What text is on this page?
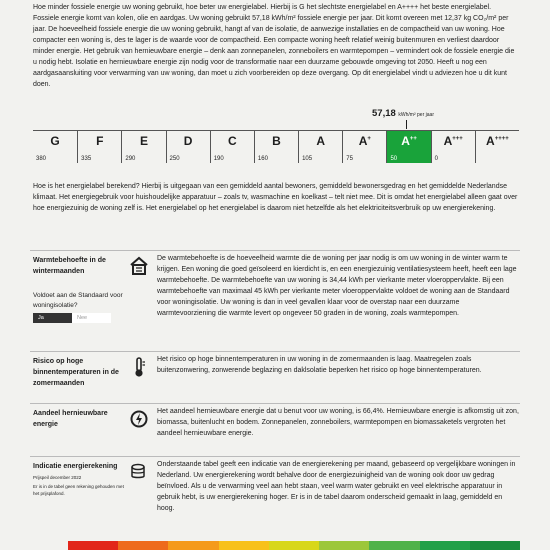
Hoe minder fossiele energie uw woning gebruikt, hoe beter uw energielabel. Hierbij is G het slechtste energielabel en A++++ het beste energielabel. Fossiele energie komt van kolen, olie en aardgas. Uw woning gebruikt 57,18 kWh/m² fossiele energie per jaar. Dit komt overeen met 12,37 kg CO₂/m² per jaar. De hoeveelheid fossiele energie die uw woning gebruikt, hangt af van de isolatie, de aanwezige installaties en de compactheid van uw woning. Hoe compacter een woning is, des te lager is de waarde voor de compactheid. Een compacte woning heeft relatief weinig buitenmuren en verliest daardoor minder energie. Het gebruik van hernieuwbare energie – denk aan zonnepanelen, zonneboilers en warmtepompen – vermindert ook de fossiele energie die u nodig hebt. Isolatie en hernieuwbare energie zijn nodig voor de transformatie naar een duurzame gebouwde omgeving tot 2050. Heeft u nog een aardgasaansluiting voor verwarming van uw woning, dan moet u zich voorbereiden op deze overgang. Op dit energielabel vindt u adviezen hoe u dit kunt doen.
57,18 kWh/m² per jaar
G
380
F
335
E
290
D
250
C
190
B
160
A
105
A+
75
A++
50
A+++
0
A++++
Hoe is het energielabel berekend? Hierbij is uitgegaan van een gemiddeld aantal bewoners, gemiddeld bewonersgedrag en het gemiddelde Nederlandse klimaat. Het energiegebruik voor huishoudelijke apparatuur – zoals tv, wasmachine en koelkast – telt niet mee. Dit is omdat het energielabel alleen gaat over hoe energiezuinig de woning zelf is. Het energielabel op het energielabel is daarom niet hetzelfde als het elektriciteitsverbruik op uw energierekening.
Warmtebehoefte in de wintermaanden
Voldoet aan de Standaard voor woningisolatie?
Ja	Nee
De warmtebehoefte is de hoeveelheid warmte die de woning per jaar nodig is om uw woning in de winter warm te krijgen. Een woning die goed geïsoleerd en kierdicht is, en een energiezuinig ventilatiesysteem heeft, heeft een lage warmtebehoefte. De warmtebehoefte van uw woning is 34,44 kWh per vierkante meter vloeroppervlakte. Bij een warmtebehoefte van maximaal 45 kWh per vierkante meter vloeroppervlakte voldoet de woning aan de Standaard voor woningisolatie. Uw woning is dan in veel gevallen klaar voor de overstap naar een duurzame warmtevoorziening die warmte levert op ongeveer 50 graden in de woning, zoals warmtepompen.
Risico op hoge binnentemperaturen in de zomermaanden
Het risico op hoge binnentemperaturen in uw woning in de zomermaanden is laag. Maatregelen zoals buitenzonwering, zonwerende beglazing en daklsolatie beperken het risico op hoge binnentemperaturen.
Aandeel hernieuwbare energie
Het aandeel hernieuwbare energie dat u benut voor uw woning, is 66,4%. Hernieuwbare energie is afkomstig uit zon, biomassa, buitenlucht en bodem. Zonnepanelen, zonneboilers, warmtepompen en biomassaketels vergroten het aandeel hernieuwbare energie.
Indicatie energierekening
Prijspeil december 2022
Er is in de tabel geen rekening gehouden met het prijsplafond.
Onderstaande tabel geeft een indicatie van de energierekening per maand, gebaseerd op vergelijkbare woningen in Nederland. Uw energierekening wordt behalve door de energiezuinigheid van de woning ook door uw gedrag beïnvloed. Als u de verwarming veel aan hebt staan, veel warm water gebruikt en veel elektrische apparatuur in gebruik hebt, is uw energierekening hoger. Er is in de tabel daarom onderscheid gemaakt in laag, gemiddeld en hoog.
